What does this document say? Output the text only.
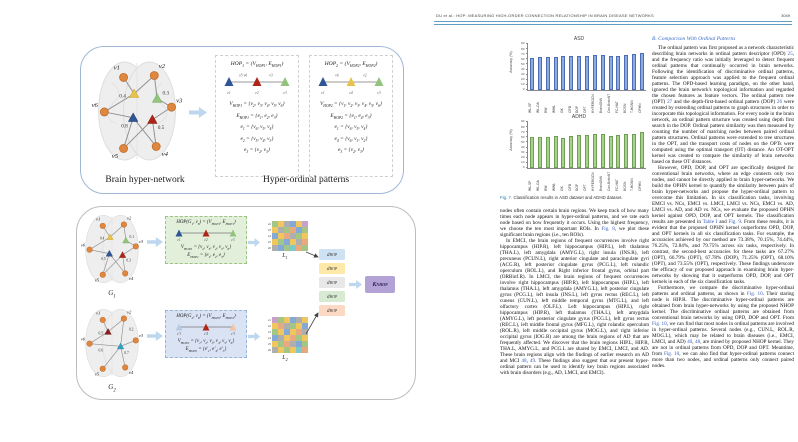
v1	v2
v3
v4
v5
v6
0.4	0.3
0.8	0.5
$HOP_1 = (V_{HOP1}$, $E_{HOP1}$)
v5 v4	v3
e1	e2	e3
$V_{HOP1} = \{v_2$, $v_3$, $v_4$, $v_5$, $v_6$}
$E_{HOP1} = \{e_1$, $e_2$, $e_3$}
$e_1 = \{v_6$, $v_5$, $v_4$}
$e_2 = \{v_5$, $v_4$, $v_3$}
$e_3 = \{v_2$, $v_3$}
$HOP_2 = (V_{HOP2}$, $E_{HOP2}$)
v6	v2
e1	e4	e3
$V_{HOP2} = \{v_1$, $v_2$, $v_3$, $v_4$, $v_5$, $v_6$}
$E_{HOP2} = \{e_1$, $e_4$, $e_3$}
$e_1 = \{v_6$, $v_5$, $v_4$}
$e_4 = \{v_6$, $v_1$, $v_2$}
$e_3 = \{v_2$, $v_3$}
Brain hyper-network	Hyper-ordinal patterns
v1	v2
v3
v4
v5
v6
0.4	0.1
0.5	0.3
$G_1$
v1	v2
v3
v4
v5
v6
0.5
0.2
0.7
0.6
$G_2$
$HOP(G_1$, $v_6) = (V_{HOP1}$, $E_{HOP1}$)
e1	e2	e3
$V_{HOP1} = \{v_2$, $v_3$, $v_4$, $v_5$, $v_6$}
$E_{HOP1} = \{e_1$, $e_2$, $e_3$}
$HOP(G_2$, $v_6) = (V_{HOP2}$, $E_{HOP2}$)
e′1	e′4	e′3
$V_{HOP2} = \{v_1$, $v_2$, $v_3$, $v_4$, $v_5$, $v_6$}
$E_{HOP2} = \{e'_1$, $e'_4$, $e'_3$}
v2
v3
v4
v5
v6
$L_1$
v1
v2
v3
v4
v5
v6
$L_2$
d HOP
d HOP
d HOP
d HOP
d HOP
K NHOP
DU et al.: HOP: MEASURING HIGH-ORDER CONNECTION RELATIONSHIP IN BRAIN DISEASE NETWORKS	3049
ASD
Accuracy (%)
0
10
20
30
40
50
60
70
80
90
WL-SP WL-OA RW WWL GK OPD DOP OPT HYPERGCN BrainGNN Con-BrainNT FC-HAT BOSN T-HGNN OPHN
ADHD
Accuracy (%)
0
10
20
30
40
50
60
70
80
90
WL-SP WL-OA RW WWL GK OPD DOP OPT HYPERGCN BrainGNN Con-BrainNT FC-HAT BOSN T-HGNN OPHN
Fig. 7. Classification results in ASD dataset and ADHD dataset.

nodes often contain certain brain regions. We keep track of how many times each node appears in hyper-ordinal patterns, and we rate each node based on how frequently it occurs. Using the highest frequency, we choose the ten most important ROIs. In Fig. 8, we plot these significant brain regions (i.e., ten ROIs).

In EMCI, the brain regions of frequent occurrences involve right hippocampus (HIP.R), left hippocampus (HIP.L), left thalamus (THA.L), left amygdala (AMYG.L), right insula (INS.R), left precuneus (PCUN.L), right anterior cingulate and paracingulate gyri (ACG.R), left posterior cingulate gyrus (PCG.L), left rolandic operculum (ROL.L), and Right inferior frontal gyrus, orbital part (ORBinf.R). In LMCI, the brain regions of frequent occurrences involve right hippocampus (HIP.R), left hippocampus (HIP.L), left thalamus (THA.L), left amygdala (AMYG.L), left posterior cingulate gyrus (PCG.L), left insula (INS.L), left gyrus rectus (REC.L), left cuneus (CUN.L), left middle temporal gyrus (MTG.L), and left olfactory cortex (OLF.L). Left hippocampus (HIP.L), right hippocampus (HIP.R), left thalamus (THA.L), left amygdala (AMYG.L), left posterior cingulate gyrus (PCG.L), left gyrus rectus (REC.L), left middle frontal gyrus (MFG.L), right rolandic operculum (ROL.R), left middle occipital gyrus (MOG.L), and right inferior occipital gyrus (IOG.R) are among the brain regions of AD that are frequently affected. We discover that the brain regions HIP.L, HIP.R, THA.L, AMYG.L, and PCG.L are shared by EMCI, LMCI, and AD. These brain regions align with the findings of earlier research on AD and MCI 48, 49. These findings also suggest that our present hyper-ordinal pattern can be used to identify key brain regions associated with brain disorders (e.g., AD, LMCI, and EMCI).

B. Comparison With Ordinal Patterns

The ordinal pattern was first proposed as a network characteristic describing brain networks in ordinal pattern descriptor (OPD) 25, and the frequency ratio was initially leveraged to detect frequent ordinal patterns that continually occurred in brain networks. Following the identification of discriminative ordinal patterns, feature selection approach was applied to the frequent ordinal patterns. The OPD-based learning paradigm, on the other hand, ignored the brain network's topological information and regarded the chosen features as feature vectors. The ordinal pattern tree (OPT) 27 and the depth-first-based ordinal pattern (DOP) 26 were created by extending ordinal patterns to graph structures in order to incorporate this topological information. For every node in the brain network, an ordinal pattern structure was created using depth first search in the DOP. Ordinal pattern similarity was then measured by counting the number of matching nodes between paired ordinal pattern structures. Ordinal patterns were extended to tree structures in the OPT, and the transport costs of nodes on the OPTs were computed using the optimal transport (OT) distance. An OT-OPT kernel was created to compare the similarity of brain networks based on these OT distances.

However, OPD, DOP, and OPT are specifically designed for conventional brain networks, where an edge connects only two nodes, and cannot be directly applied to brain hyper-networks. We build the OPHN kernel to quantify the similarity between pairs of brain hyper-networks and propose the hyper-ordinal pattern to overcome this limitation. In six classification tasks, involving EMCI vs. NCs, EMCI vs. LMCI, LMCI vs. NCs, EMCI vs. AD, LMCI vs. AD, and AD vs. NCs, we evaluate the proposed OPHN kernel against OPD, DOP, and OPT kernels. The classification results are presented in Table I and Fig. 9. From these results, it is evident that the proposed OPHN kernel outperforms OPD, DOP, and OPT kernels in all six classification tasks. For example, the accuracies achieved by our method are 73.38%, 70.15%, 74.44%, 76.25%, 72.84%, and 79.75% across six tasks, respectively. In contrast, the second-best accuracies for these tasks are 67.27% (OPT), 66.79% (OPT), 67.78% (DOP), 71.25% (OPT), 68.10% (OPT), and 73.55% (OPT), respectively. These findings underscore the efficacy of our proposed approach in examining brain hyper-networks by showing that it outperforms OPD, DOP, and OPT kernels in each of the six classification tasks.

Furthermore, we compare the discriminative hyper-ordinal patterns and ordinal patterns, as shown in Fig. 10. Their staring node is HIP.R. The discriminative hyper-ordinal patterns are obtained from brain hyper-networks by using the proposed NHOP kernel. The discriminative ordinal patterns are obtained from conventional brain networks by using OPD, DOP and OPT. From Fig. 10, we can find that most nodes in ordinal patterns are involved in hyper-ordinal patterns. Several nodes (e.g., CUN.L, ROL.R, MOG.L), which may be related to brain diseases (i.e., EMCI, LMCI, and AD) 40, 48, are mined by proposed NHOP kernel. They are not in ordinal patterns from OPD, DOP and OPT. Meantime, from Fig. 10, we can also find that hyper-ordinal patterns connect more than two nodes, and ordinal patterns only connect paired nodes.
